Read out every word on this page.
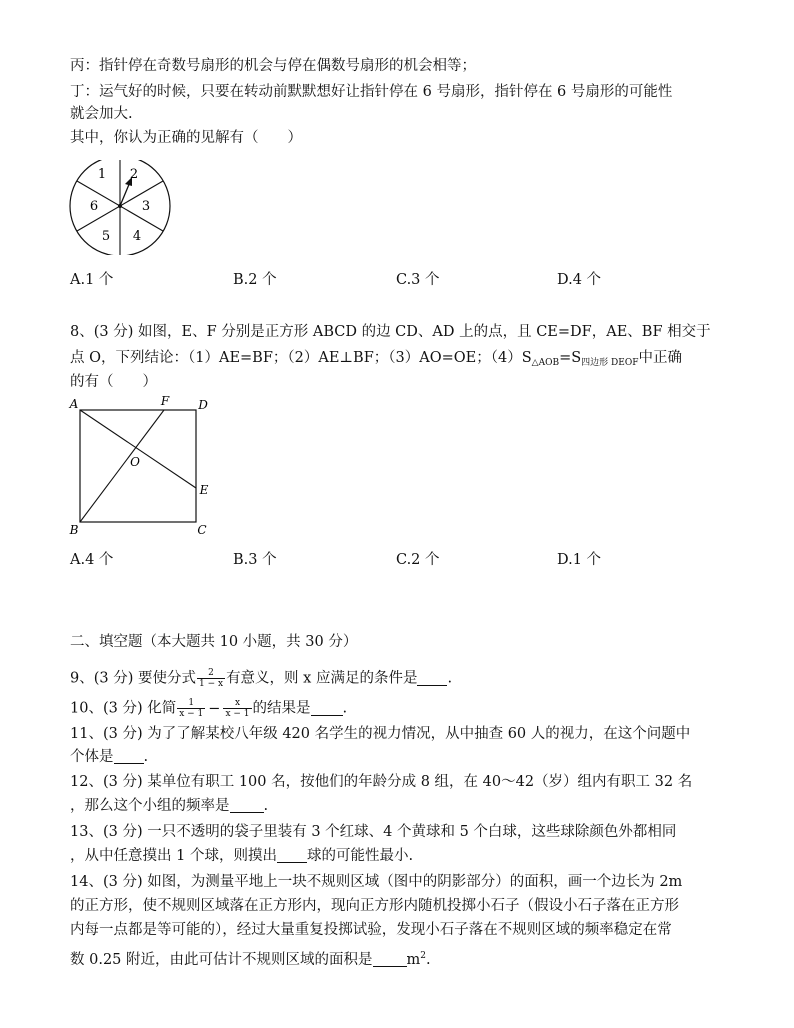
丙：指针停在奇数号扇形的机会与停在偶数号扇形的机会相等；
丁：运气好的时候，只要在转动前默默想好让指针停在 6 号扇形，指针停在 6 号扇形的可能性
就会加大.
其中，你认为正确的见解有（　　）
1 2
3
4
5
6
A.1 个	B.2 个	C.3 个	D.4 个
8、(3 分) 如图，E、F 分别是正方形 ABCD 的边 CD、AD 上的点，且 CE=DF，AE、BF 相交于
点 O，下列结论：（1）AE=BF；（2）AE⊥BF；（3）AO=OE；$(4)S_{\triangle AOB}=S_{四边形 DEOF}$中正确
的有（　　）
A	F D
O
E
B	C
A.4 个	B.3 个	C.2 个	D.1 个
二、填空题（本大题共 10 小题，共 30 分）
9、(3 分) 要使分式 $\frac{2}{1 - x}$ 有意义，则 x 应满足的条件是 .
10、(3 分) 化简 $\frac{1}{x - 1} - \frac{x}{x - 1}$ 的结果是 .
11、(3 分) 为了了解某校八年级 420 名学生的视力情况，从中抽查 60 人的视力，在这个问题中
个体是 .
12、(3 分) 某单位有职工 100 名，按他们的年龄分成 8 组，在 40～42（岁）组内有职工 32 名
，那么这个小组的频率是 .
13、(3 分) 一只不透明的袋子里装有 3 个红球、4 个黄球和 5 个白球，这些球除颜色外都相同
，从中任意摸出 1 个球，则摸出 球的可能性最小.
14、(3 分) 如图，为测量平地上一块不规则区域（图中的阴影部分）的面积，画一个边长为 2m
的正方形，使不规则区域落在正方形内，现向正方形内随机投掷小石子（假设小石子落在正方形
内每一点都是等可能的），经过大量重复投掷试验，发现小石子落在不规则区域的频率稳定在常
数 0.25 附近，由此可估计不规则区域的面积是 $m^2$.
